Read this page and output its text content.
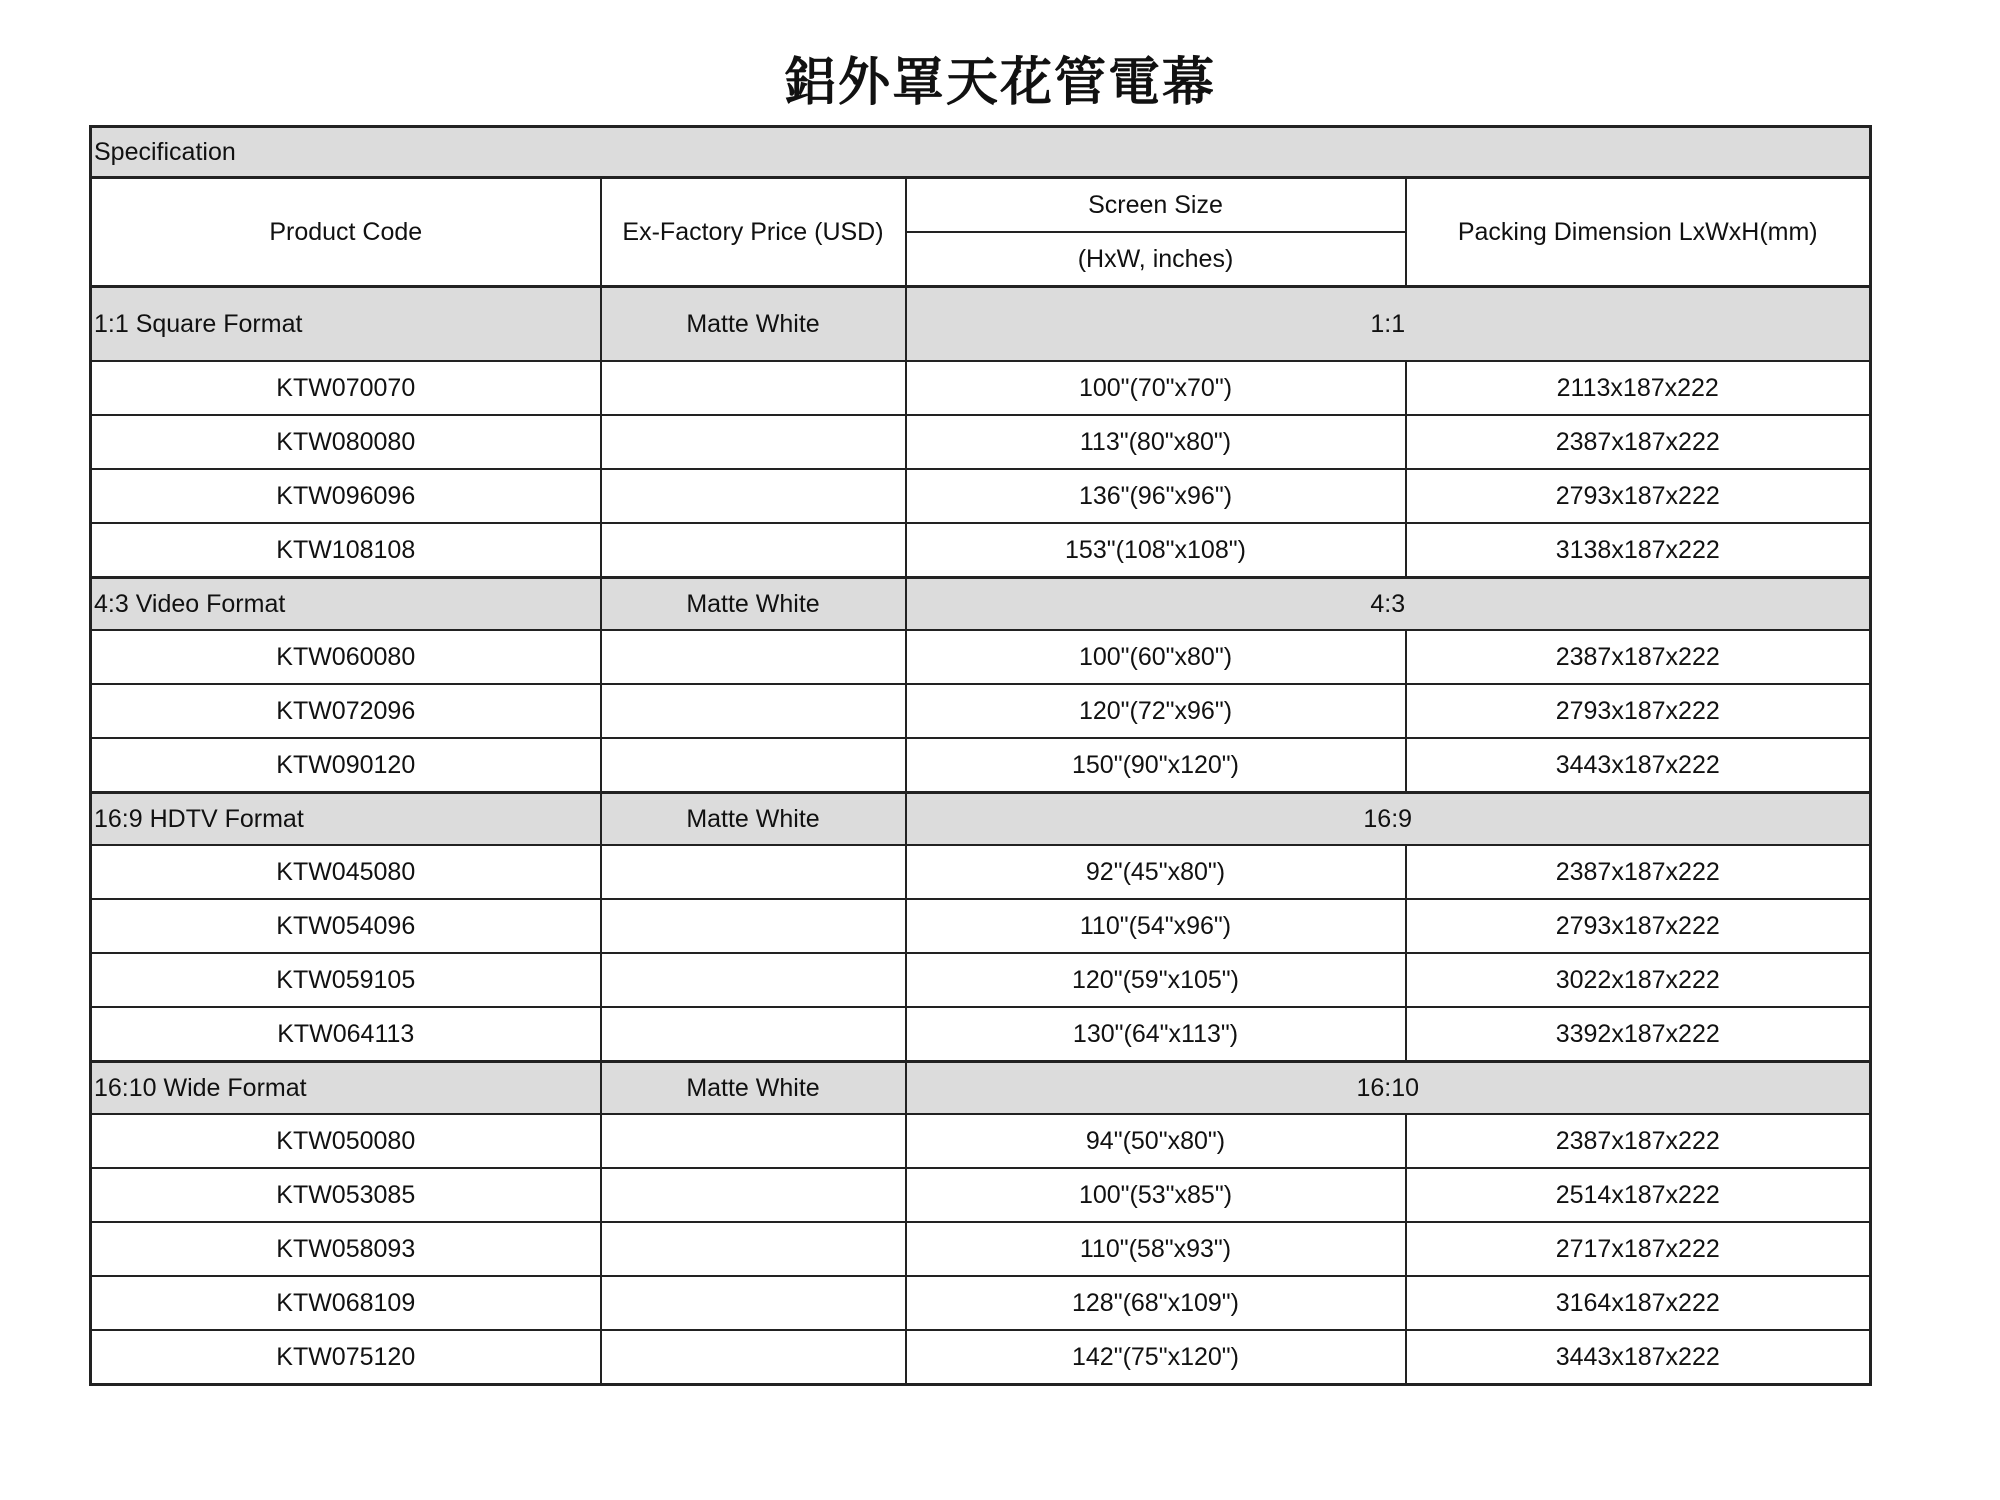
鋁外罩天花管電幕
Specification			
Product Code	Ex-Factory Price (USD)	Screen Size	Packing Dimension LxWxH(mm)
		(HxW, inches)	
1:1 Square Format	Matte White	1:1	
KTW070070		100"(70"x70")	2113x187x222
KTW080080		113"(80"x80")	2387x187x222
KTW096096		136"(96"x96")	2793x187x222
KTW108108		153"(108"x108")	3138x187x222
4:3 Video Format	Matte White	4:3	
KTW060080		100"(60"x80")	2387x187x222
KTW072096		120"(72"x96")	2793x187x222
KTW090120		150"(90"x120")	3443x187x222
16:9 HDTV Format	Matte White	16:9	
KTW045080		92"(45"x80")	2387x187x222
KTW054096		110"(54"x96")	2793x187x222
KTW059105		120"(59"x105")	3022x187x222
KTW064113		130"(64"x113")	3392x187x222
16:10 Wide Format	Matte White	16:10	
KTW050080		94"(50"x80")	2387x187x222
KTW053085		100"(53"x85")	2514x187x222
KTW058093		110"(58"x93")	2717x187x222
KTW068109		128"(68"x109")	3164x187x222
KTW075120		142"(75"x120")	3443x187x222
